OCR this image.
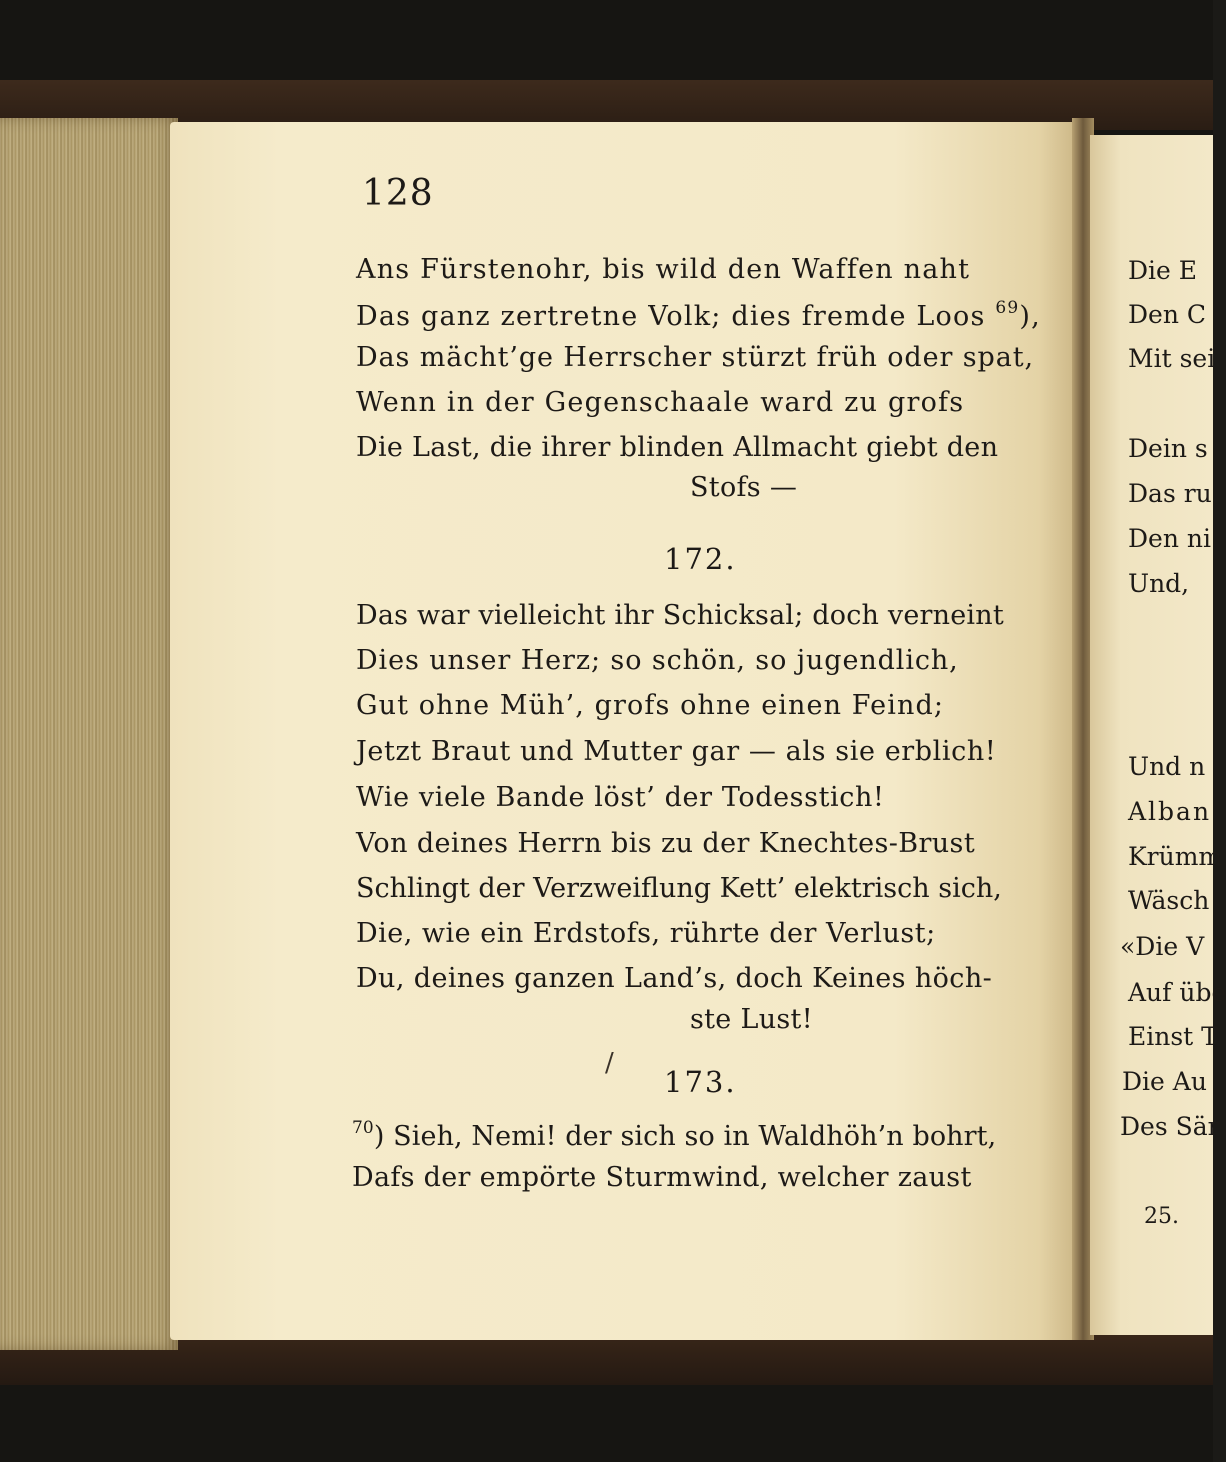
128
Ans Fürstenohr, bis wild den Waffen naht
Das ganz zertretne Volk; dies fremde Loos $^{69}$),
Das mächt’ge Herrscher stürzt früh oder spat,
Wenn in der Gegenschaale ward zu grofs
Die Last, die ihrer blinden Allmacht giebt den
Stofs —
172.
Das war vielleicht ihr Schicksal; doch verneint
Dies unser Herz; so schön, so jugendlich,
Gut ohne Müh’, grofs ohne einen Feind;
Jetzt Braut und Mutter gar — als sie erblich!
Wie viele Bande löst’ der Todesstich!
Von deines Herrn bis zu der Knechtes-Brust
Schlingt der Verzweiflung Kett’ elektrisch sich,
Die, wie ein Erdstofs, rührte der Verlust;
Du, deines ganzen Land’s, doch Keines höch-
ste Lust!
/
173.
$^{70}$) Sieh, Nemi! der sich so in Waldhöh’n bohrt,
Dafs der empörte Sturmwind, welcher zaust
Die E
Den C
Mit sei
Dein s
Das ru
Den ni
Und,
Und n
Alban
Krümm
Wäsch
«Die V
Auf übe
Einst T
Die Au
Des Sär
25.
